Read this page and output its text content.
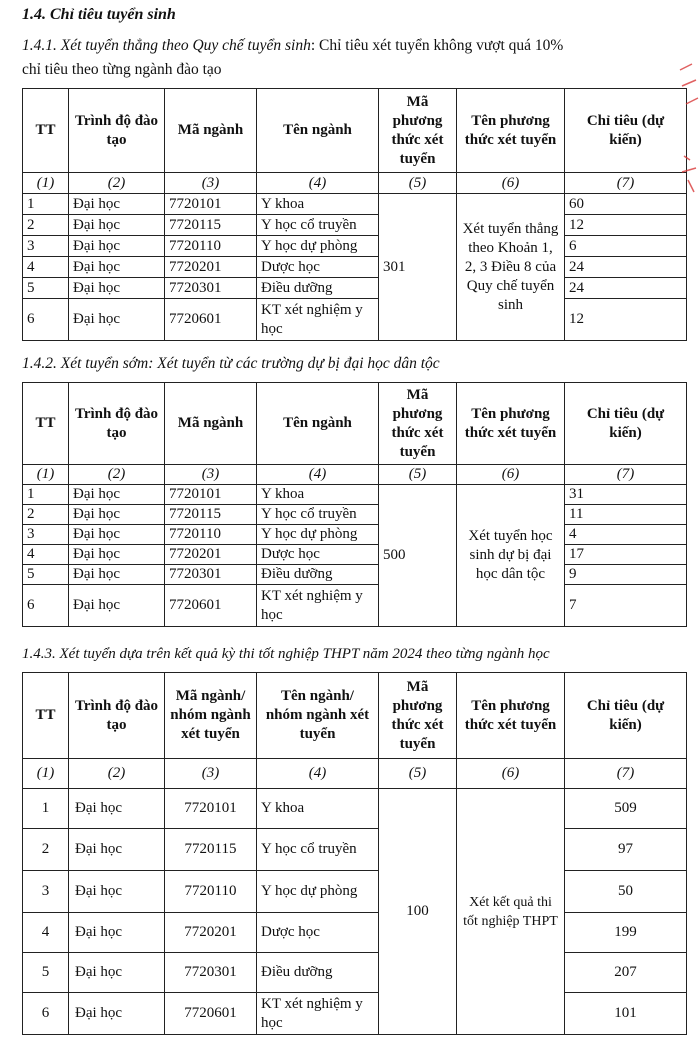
1.4. Chỉ tiêu tuyển sinh
1.4.1. Xét tuyển thẳng theo Quy chế tuyển sinh: Chỉ tiêu xét tuyển không vượt quá 10%
chỉ tiêu theo từng ngành đào tạo
TT	Trình độ đào tạo	Mã ngành	Tên ngành	Mã phương thức xét tuyển	Tên phương thức xét tuyển	Chỉ tiêu (dự kiến)
(1)	(2)	(3)	(4)	(5)	(6)	(7)
1	Đại học	7720101	Y khoa	301	Xét tuyển thẳng theo Khoản 1, 2, 3 Điều 8 của Quy chế tuyển sinh	60
2	Đại học	7720115	Y học cổ truyền			12
3	Đại học	7720110	Y học dự phòng			6
4	Đại học	7720201	Dược học			24
5	Đại học	7720301	Điều dưỡng			24
6	Đại học	7720601	KT xét nghiệm y học			12
1.4.2. Xét tuyển sớm: Xét tuyển từ các trường dự bị đại học dân tộc
TT	Trình độ đào tạo	Mã ngành	Tên ngành	Mã phương thức xét tuyển	Tên phương thức xét tuyển	Chỉ tiêu (dự kiến)
(1)	(2)	(3)	(4)	(5)	(6)	(7)
1	Đại học	7720101	Y khoa	500	Xét tuyển học sinh dự bị đại học dân tộc	31
2	Đại học	7720115	Y học cổ truyền			11
3	Đại học	7720110	Y học dự phòng			4
4	Đại học	7720201	Dược học			17
5	Đại học	7720301	Điều dưỡng			9
6	Đại học	7720601	KT xét nghiệm y học			7
1.4.3. Xét tuyển dựa trên kết quả kỳ thi tốt nghiệp THPT năm 2024 theo từng ngành học
TT	Trình độ đào tạo	Mã ngành/ nhóm ngành xét tuyển	Tên ngành/ nhóm ngành xét tuyển	Mã phương thức xét tuyển	Tên phương thức xét tuyển	Chỉ tiêu (dự kiến)
(1)	(2)	(3)	(4)	(5)	(6)	(7)
1	Đại học	7720101	Y khoa	100	Xét kết quả thi tốt nghiệp THPT	509
2	Đại học	7720115	Y học cổ truyền			97
3	Đại học	7720110	Y học dự phòng			50
4	Đại học	7720201	Dược học			199
5	Đại học	7720301	Điều dưỡng			207
6	Đại học	7720601	KT xét nghiệm y học			101
